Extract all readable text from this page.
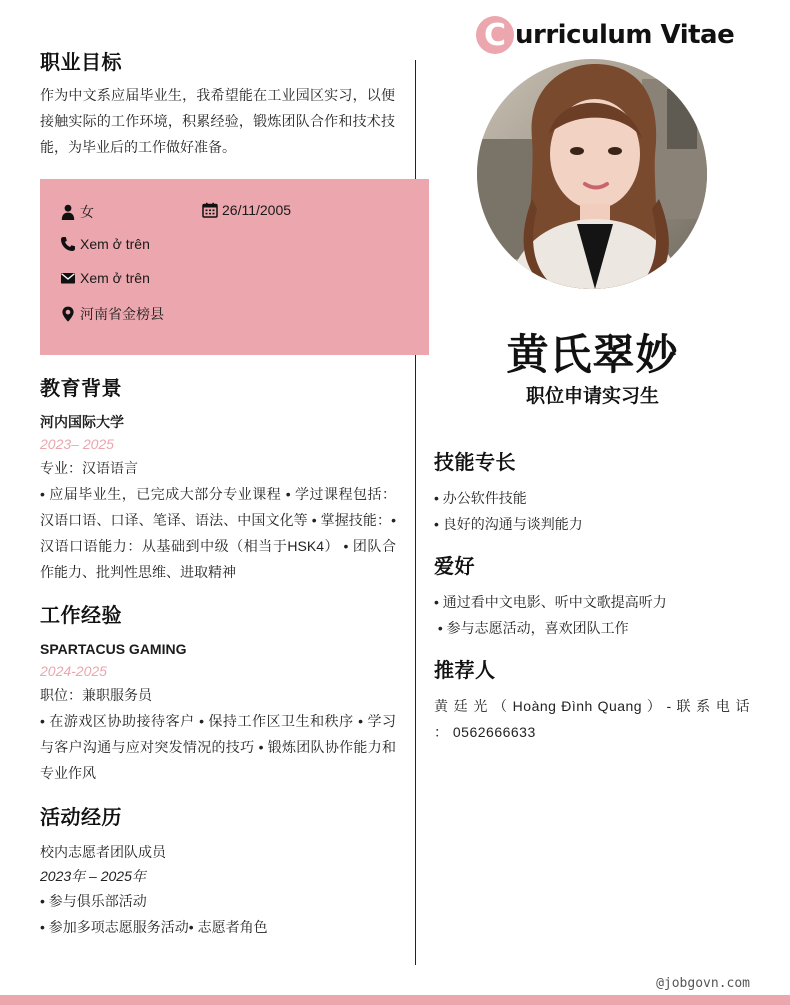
职业目标
作为中文系应届毕业生，我希望能在工业园区实习，以便接触实际的工作环境，积累经验，锻炼团队合作和技术技能，为毕业后的工作做好准备。
女	26/11/2005
Xem ở trên
Xem ở trên
河南省金榜县
教育背景
河内国际大学
2023– 2025
专业：汉语语言
• 应届毕业生，已完成大部分专业课程 • 学过课程包括：汉语口语、口译、笔译、语法、中国文化等 • 掌握技能：• 汉语口语能力：从基础到中级（相当于HSK4） • 团队合作能力、批判性思维、进取精神
工作经验
SPARTACUS GAMING
2024-2025
职位：兼职服务员
• 在游戏区协助接待客户 • 保持工作区卫生和秩序 • 学习与客户沟通与应对突发情况的技巧 • 锻炼团队协作能力和专业作风
活动经历
校内志愿者团队成员
2023年 – 2025年
• 参与俱乐部活动
• 参加多项志愿服务活动• 志愿者角色
C urriculum Vitae
黄氏翠妙
职位申请实习生
技能专长
• 办公软件技能
• 良好的沟通与谈判能力
爱好
• 通过看中文电影、听中文歌提高听力
• 参与志愿活动，喜欢团队工作
推荐人
黄 廷 光 （ Hoàng Đình Quang ） - 联 系 电 话 ： 0562666633
@jobgovn.com
